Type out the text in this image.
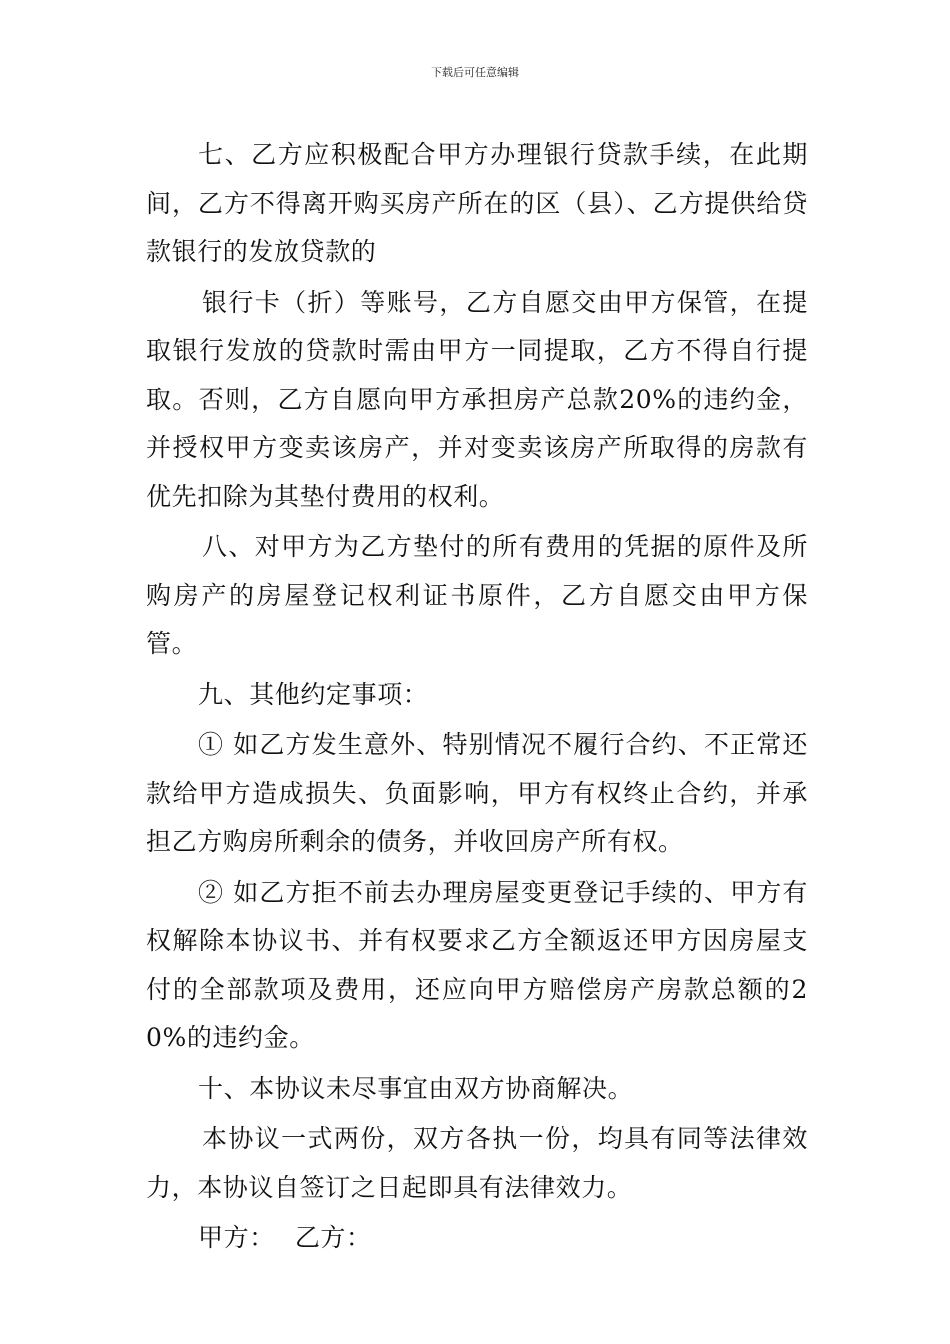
下载后可任意编辑

七、乙方应积极配合甲方办理银行贷款手续，在此期间，乙方不得离开购买房产所在的区（县）、乙方提供给贷款银行的发放贷款的

银行卡（折）等账号，乙方自愿交由甲方保管，在提取银行发放的贷款时需由甲方一同提取，乙方不得自行提取。否则，乙方自愿向甲方承担房产总款20%的违约金，并授权甲方变卖该房产，并对变卖该房产所取得的房款有优先扣除为其垫付费用的权利。

八、对甲方为乙方垫付的所有费用的凭据的原件及所购房产的房屋登记权利证书原件，乙方自愿交由甲方保管。

九、其他约定事项：

① 如乙方发生意外、特别情况不履行合约、不正常还款给甲方造成损失、负面影响，甲方有权终止合约，并承担乙方购房所剩余的债务，并收回房产所有权。

② 如乙方拒不前去办理房屋变更登记手续的、甲方有权解除本协议书、并有权要求乙方全额返还甲方因房屋支付的全部款项及费用，还应向甲方赔偿房产房款总额的20%的违约金。

十、本协议未尽事宜由双方协商解决。

本协议一式两份，双方各执一份，均具有同等法律效力，本协议自签订之日起即具有法律效力。

甲方： 乙方：
